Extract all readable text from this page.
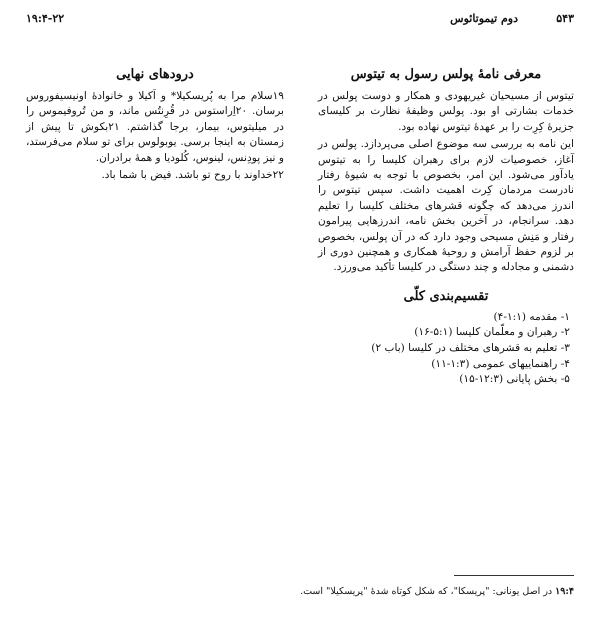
۱۹:۴-۲۲	دوم تیموتائوس	۵۴۳
معرفی نامهٔ پولس رسول به تیتوس

تیتوس از مسیحیان غیریهودی و همکار و دوست پولس در خدمات بشارتی او بود. پولس وظیفهٔ نظارت بر کلیسای جزیرهٔ کِرِت را بر عهدهٔ تیتوس نهاده بود.

این نامه به بررسی سه موضوع اصلی می‌پردازد. پولس در آغاز، خصوصیات لازم برای رهبران کلیسا را به تیتوس یادآور می‌شود. این امر، بخصوص با توجه به شیوهٔ رفتار نادرست مردمان کِرت اهمیت داشت. سپس تیتوس را اندرز می‌دهد که چگونه قشرهای مختلف کلیسا را تعلیم دهد. سرانجام، در آخرین بخش نامه، اندرزهایی پیرامون رفتار و مَنِش مسیحی وجود دارد که در آن پولس، بخصوص بر لزوم حفظ آرامش و روحیهٔ همکاری و همچنین دوری از دشمنی و مجادله و چند دستگی در کلیسا تأکید می‌ورزد.

تقسیم‌بندی کلّی
۱- مقدمه (۱:۱-۴)
۲- رهبران و معلّمان کلیسا (۵:۱-۱۶)
۳- تعلیم به قشرهای مختلف در کلیسا (باب ۲)
۴- راهنماییهای عمومی (۱:۳-۱۱)
۵- بخش پایانی (۱۲:۳-۱۵)
درودهای نهایی

۱۹سلام مرا به پُریسکیلا* و اَکیلا و خانوادهٔ اونیسیفوروس برسان. ۲۰اِراستوس در قُرِنتُس ماند، و من تُروفیموس را در میلیتوس، بیمار، برجا گذاشتم. ۲۱بکوش تا پیش از زمستان به اینجا برسی. یوبولوس برای تو سلام می‌فرستد، و نیز پودِنس، لینوس، کُلودیا و همهٔ برادران.

۲۲خداوند با روح تو باشد. فیض با شما باد.

۱۹:۴ در اصل یونانی: "پریسکا"، که شکل کوتاه شدهٔ "پریسکیلا" است.
